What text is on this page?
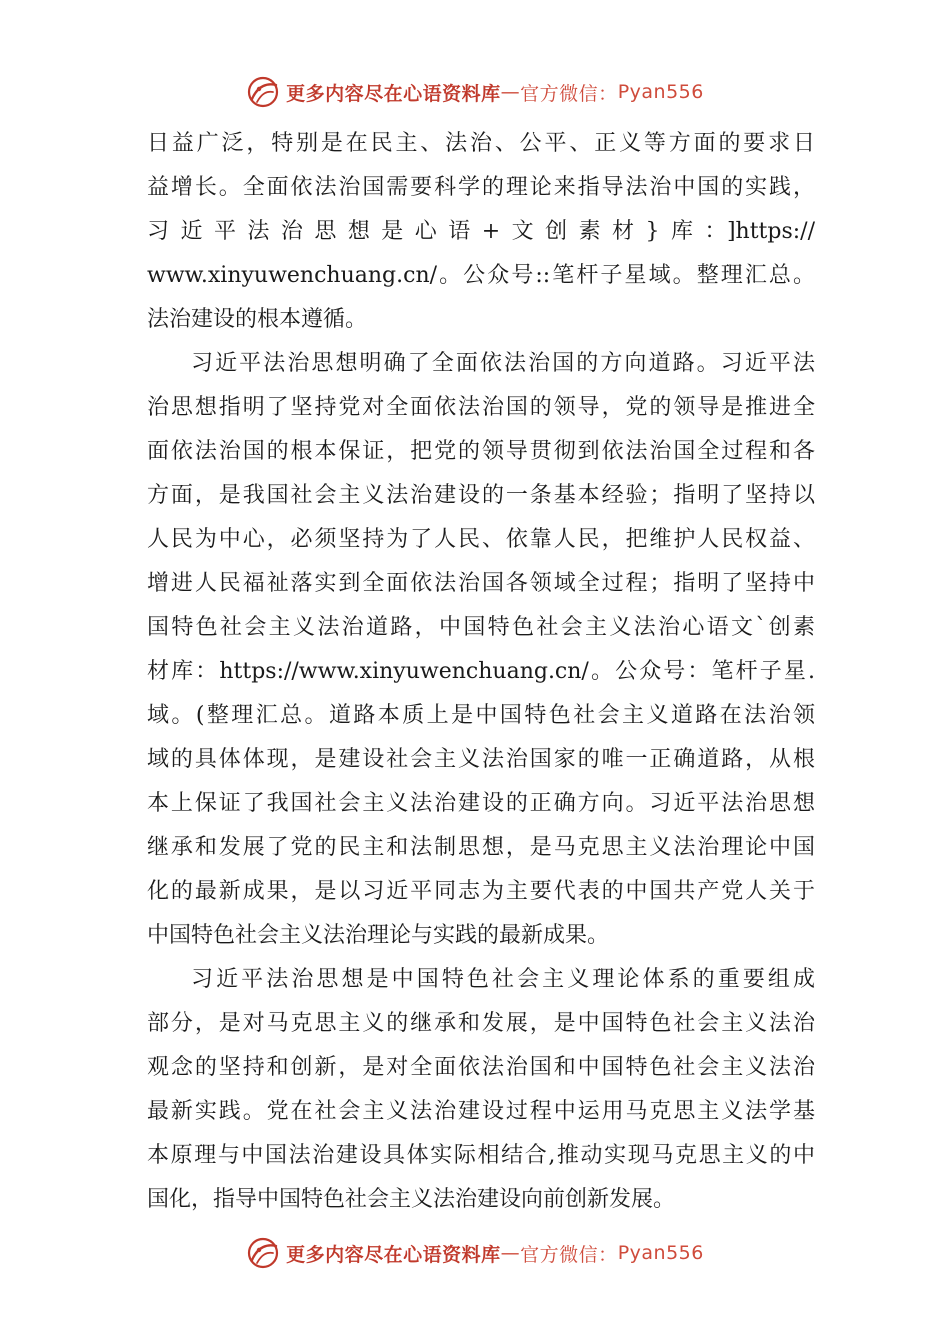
更多内容尽在心语资料库 — 官方微信： Pyan556
日益广泛，特别是在民主、法治、公平、正义等方面的要求日
益增长。全面依法治国需要科学的理论来指导法治中国的实践，
习近平法治思想是心语+文创素材}库：]https://
www.xinyuwenchuang.cn/。公众号::笔杆子星域。整理汇总。
法治建设的根本遵循。
习近平法治思想明确了全面依法治国的方向道路。习近平法
治思想指明了坚持党对全面依法治国的领导，党的领导是推进全
面依法治国的根本保证，把党的领导贯彻到依法治国全过程和各
方面，是我国社会主义法治建设的一条基本经验；指明了坚持以
人民为中心，必须坚持为了人民、依靠人民，把维护人民权益、
增进人民福祉落实到全面依法治国各领域全过程；指明了坚持中
国特色社会主义法治道路，中国特色社会主义法治心语文`创素
材库：https://www.xinyuwenchuang.cn/。公众号：笔杆子星.
域。(整理汇总。道路本质上是中国特色社会主义道路在法治领
域的具体体现，是建设社会主义法治国家的唯一正确道路，从根
本上保证了我国社会主义法治建设的正确方向。习近平法治思想
继承和发展了党的民主和法制思想，是马克思主义法治理论中国
化的最新成果，是以习近平同志为主要代表的中国共产党人关于
中国特色社会主义法治理论与实践的最新成果。
习近平法治思想是中国特色社会主义理论体系的重要组成
部分，是对马克思主义的继承和发展，是中国特色社会主义法治
观念的坚持和创新，是对全面依法治国和中国特色社会主义法治
最新实践。党在社会主义法治建设过程中运用马克思主义法学基
本原理与中国法治建设具体实际相结合,推动实现马克思主义的中
国化，指导中国特色社会主义法治建设向前创新发展。
更多内容尽在心语资料库 — 官方微信： Pyan556
